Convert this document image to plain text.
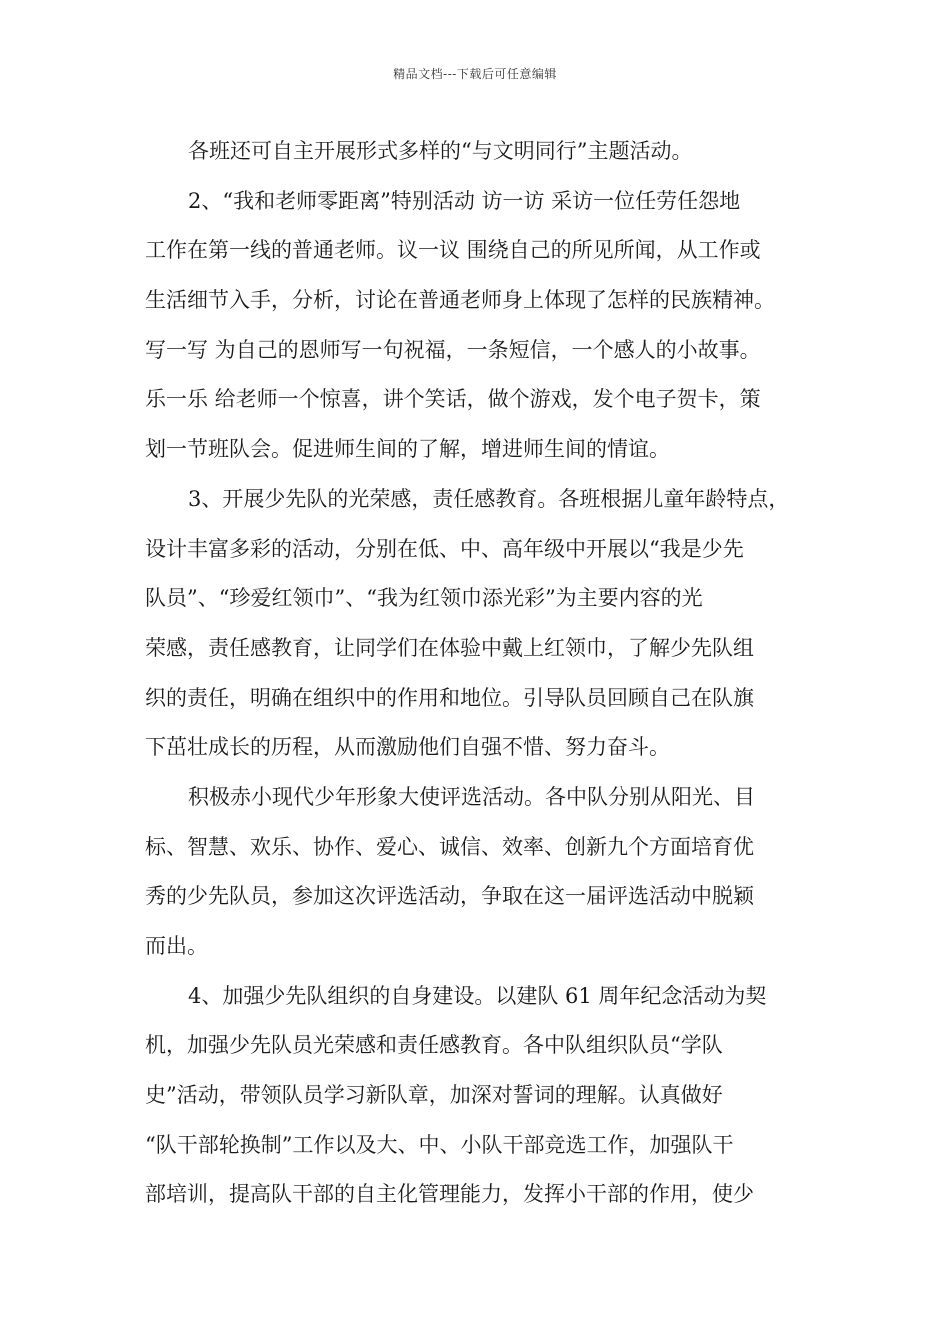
精品文档---下载后可任意编辑
各班还可自主开展形式多样的“与文明同行”主题活动。
2、“我和老师零距离”特别活动 访一访 采访一位任劳任怨地
工作在第一线的普通老师。议一议 围绕自己的所见所闻，从工作或
生活细节入手，分析，讨论在普通老师身上体现了怎样的民族精神。
写一写 为自己的恩师写一句祝福，一条短信，一个感人的小故事。
乐一乐 给老师一个惊喜，讲个笑话，做个游戏，发个电子贺卡，策
划一节班队会。促进师生间的了解，增进师生间的情谊。
3、开展少先队的光荣感，责任感教育。各班根据儿童年龄特点，
设计丰富多彩的活动，分别在低、中、高年级中开展以“我是少先
队员”、“珍爱红领巾”、“我为红领巾添光彩”为主要内容的光
荣感，责任感教育，让同学们在体验中戴上红领巾，了解少先队组
织的责任，明确在组织中的作用和地位。引导队员回顾自己在队旗
下茁壮成长的历程，从而激励他们自强不惜、努力奋斗。
积极赤小现代少年形象大使评选活动。各中队分别从阳光、目
标、智慧、欢乐、协作、爱心、诚信、效率、创新九个方面培育优
秀的少先队员，参加这次评选活动，争取在这一届评选活动中脱颖
而出。
4、加强少先队组织的自身建设。以建队 61 周年纪念活动为契
机，加强少先队员光荣感和责任感教育。各中队组织队员“学队
史”活动，带领队员学习新队章，加深对誓词的理解。认真做好
“队干部轮换制”工作以及大、中、小队干部竞选工作，加强队干
部培训，提高队干部的自主化管理能力，发挥小干部的作用，使少
